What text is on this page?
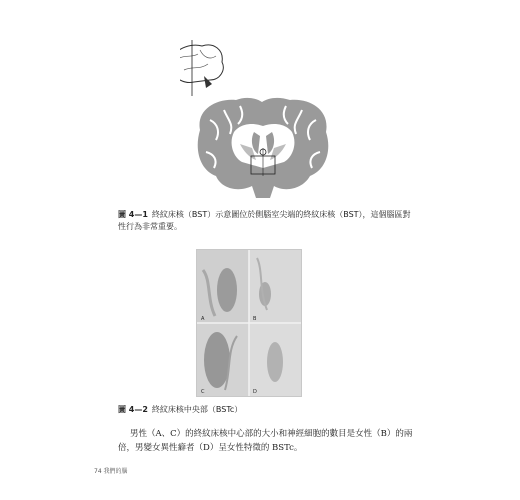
圖 4—1 終紋床核（BST）示意圖位於側腦室尖端的終紋床核（BST），這個腦區對性行為非常重要。
A	B
C	D
圖 4—2 終紋床核中央部（BSTc）
男性（A、C）的終紋床核中心部的大小和神經細胞的數目是女性（B）的兩倍，男變女異性癖者（D）呈女性特徵的 BSTc。
74 我們的腦
